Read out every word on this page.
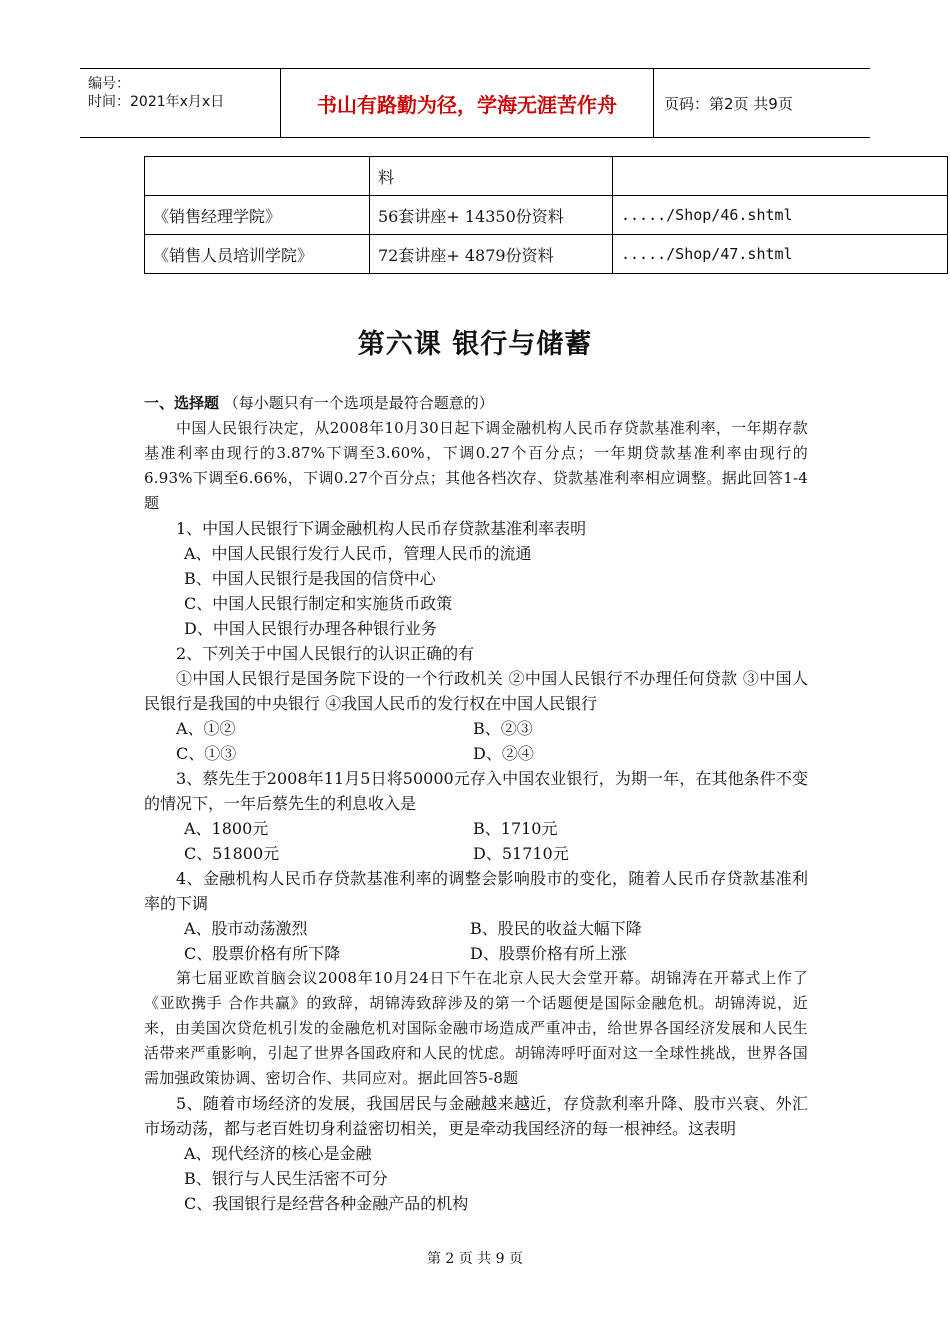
编号：
时间：2021年x月x日	书山有路勤为径，学海无涯苦作舟	页码：第2页 共9页
	料	
《销售经理学院》	56套讲座+ 14350份资料	...../Shop/46.shtml
《销售人员培训学院》	72套讲座+ 4879份资料	...../Shop/47.shtml
第六课 银行与储蓄

一、选择题 （每小题只有一个选项是最符合题意的）

中国人民银行决定，从2008年10月30日起下调金融机构人民币存贷款基准利率，一年期存款基准利率由现行的3.87%下调至3.60%，下调0.27个百分点；一年期贷款基准利率由现行的6.93%下调至6.66%，下调0.27个百分点；其他各档次存、贷款基准利率相应调整。据此回答1-4题

1、中国人民银行下调金融机构人民币存贷款基准利率表明

A、中国人民银行发行人民币，管理人民币的流通

B、中国人民银行是我国的信贷中心

C、中国人民银行制定和实施货币政策

D、中国人民银行办理各种银行业务

2、下列关于中国人民银行的认识正确的有

①中国人民银行是国务院下设的一个行政机关 ②中国人民银行不办理任何贷款 ③中国人民银行是我国的中央银行 ④我国人民币的发行权在中国人民银行

A、①②	B、②③
C、①③	D、②④

3、蔡先生于2008年11月5日将50000元存入中国农业银行，为期一年，在其他条件不变的情况下，一年后蔡先生的利息收入是

A、1800元	B、1710元
C、51800元	D、51710元

4、金融机构人民币存贷款基准利率的调整会影响股市的变化，随着人民币存贷款基准利率的下调

A、股市动荡激烈	B、股民的收益大幅下降
C、股票价格有所下降	D、股票价格有所上涨

第七届亚欧首脑会议2008年10月24日下午在北京人民大会堂开幕。胡锦涛在开幕式上作了《亚欧携手 合作共赢》的致辞，胡锦涛致辞涉及的第一个话题便是国际金融危机。胡锦涛说，近来，由美国次贷危机引发的金融危机对国际金融市场造成严重冲击，给世界各国经济发展和人民生活带来严重影响，引起了世界各国政府和人民的忧虑。胡锦涛呼吁面对这一全球性挑战，世界各国需加强政策协调、密切合作、共同应对。据此回答5-8题

5、随着市场经济的发展，我国居民与金融越来越近，存贷款利率升降、股市兴衰、外汇市场动荡，都与老百姓切身利益密切相关，更是牵动我国经济的每一根神经。这表明

A、现代经济的核心是金融

B、银行与人民生活密不可分

C、我国银行是经营各种金融产品的机构

第 2 页 共 9 页
